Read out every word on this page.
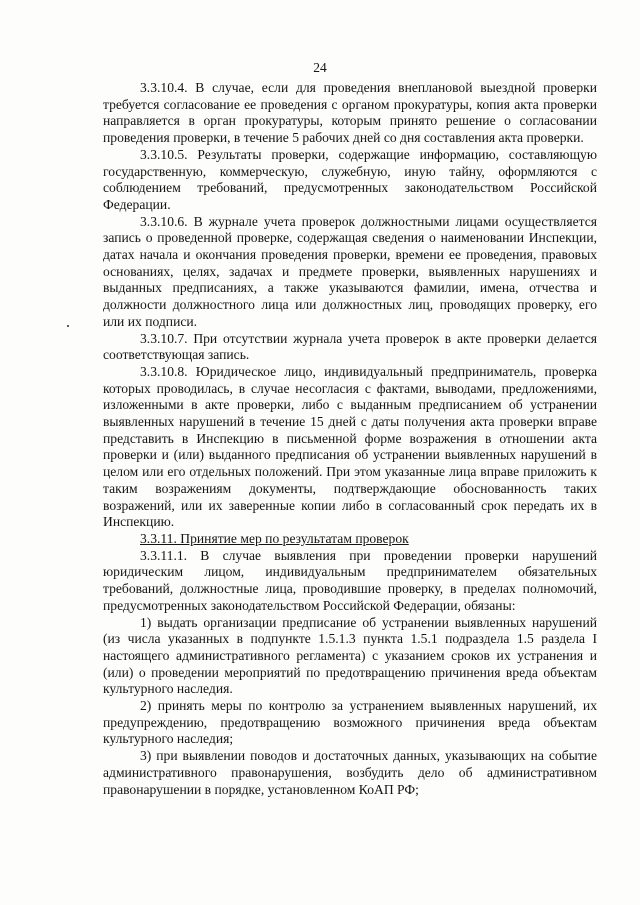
24

3.3.10.4. В случае, если для проведения внеплановой выездной проверки требуется согласование ее проведения с органом прокуратуры, копия акта проверки направляется в орган прокуратуры, которым принято решение о согласовании проведения проверки, в течение 5 рабочих дней со дня составления акта проверки.

3.3.10.5. Результаты проверки, содержащие информацию, составляющую государственную, коммерческую, служебную, иную тайну, оформляются с соблюдением требований, предусмотренных законодательством Российской Федерации.

3.3.10.6. В журнале учета проверок должностными лицами осуществляется запись о проведенной проверке, содержащая сведения о наименовании Инспекции, датах начала и окончания проведения проверки, времени ее проведения, правовых основаниях, целях, задачах и предмете проверки, выявленных нарушениях и выданных предписаниях, а также указываются фамилии, имена, отчества и должности должностного лица или должностных лиц, проводящих проверку, его или их подписи.

3.3.10.7. При отсутствии журнала учета проверок в акте проверки делается соответствующая запись.

3.3.10.8. Юридическое лицо, индивидуальный предприниматель, проверка которых проводилась, в случае несогласия с фактами, выводами, предложениями, изложенными в акте проверки, либо с выданным предписанием об устранении выявленных нарушений в течение 15 дней с даты получения акта проверки вправе представить в Инспекцию в письменной форме возражения в отношении акта проверки и (или) выданного предписания об устранении выявленных нарушений в целом или его отдельных положений. При этом указанные лица вправе приложить к таким возражениям документы, подтверждающие обоснованность таких возражений, или их заверенные копии либо в согласованный срок передать их в Инспекцию.

3.3.11. Принятие мер по результатам проверок

3.3.11.1. В случае выявления при проведении проверки нарушений юридическим лицом, индивидуальным предпринимателем обязательных требований, должностные лица, проводившие проверку, в пределах полномочий, предусмотренных законодательством Российской Федерации, обязаны:

1) выдать организации предписание об устранении выявленных нарушений (из числа указанных в подпункте 1.5.1.3 пункта 1.5.1 подраздела 1.5 раздела I настоящего административного регламента) с указанием сроков их устранения и (или) о проведении мероприятий по предотвращению причинения вреда объектам культурного наследия.

2) принять меры по контролю за устранением выявленных нарушений, их предупреждению, предотвращению возможного причинения вреда объектам культурного наследия;

3) при выявлении поводов и достаточных данных, указывающих на событие административного правонарушения, возбудить дело об административном правонарушении в порядке, установленном КоАП РФ;
